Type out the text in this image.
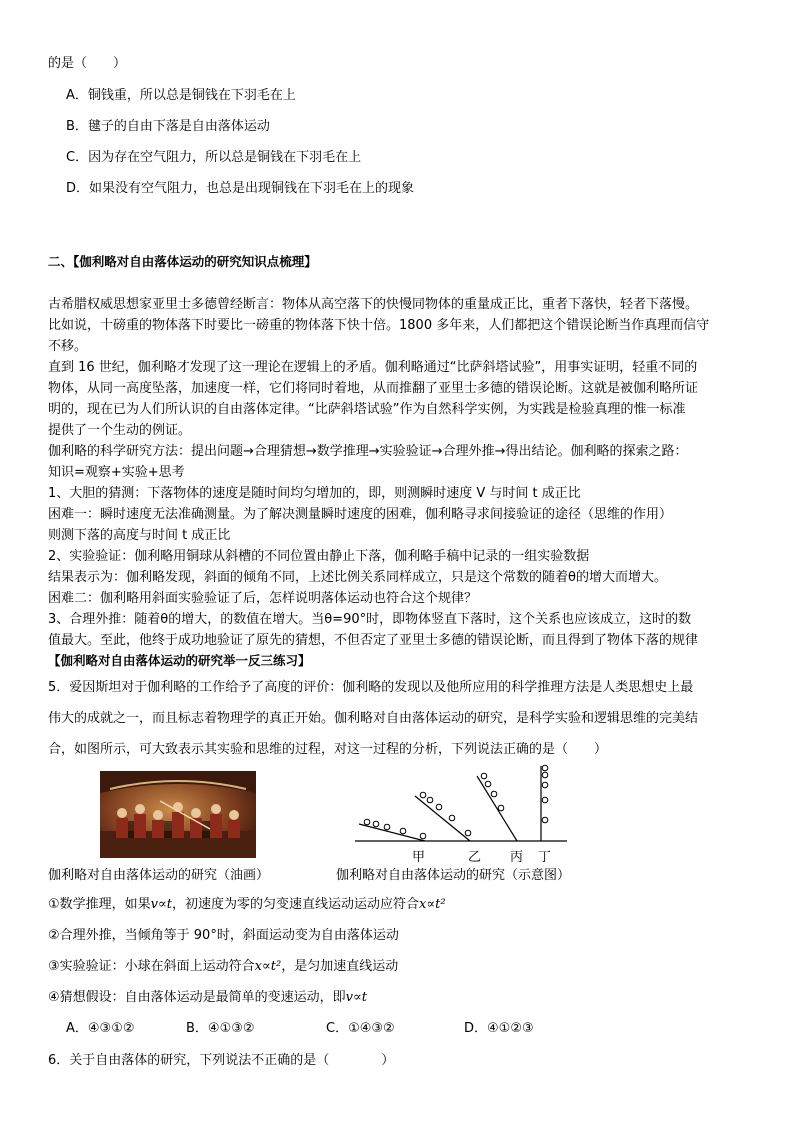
的是（　　）
A．铜钱重，所以总是铜钱在下羽毛在上
B．毽子的自由下落是自由落体运动
C．因为存在空气阻力，所以总是铜钱在下羽毛在上
D．如果没有空气阻力，也总是出现铜钱在下羽毛在上的现象
二、【伽利略对自由落体运动的研究知识点梳理】
古希腊权威思想家亚里士多德曾经断言：物体从高空落下的快慢同物体的重量成正比，重者下落快，轻者下落慢。
比如说，十磅重的物体落下时要比一磅重的物体落下快十倍。1800 多年来，人们都把这个错误论断当作真理而信守
不移。
直到 16 世纪，伽利略才发现了这一理论在逻辑上的矛盾。伽利略通过“比萨斜塔试验”，用事实证明，轻重不同的
物体，从同一高度坠落，加速度一样，它们将同时着地，从而推翻了亚里士多德的错误论断。这就是被伽利略所证
明的，现在已为人们所认识的自由落体定律。“比萨斜塔试验”作为自然科学实例，为实践是检验真理的惟一标准
提供了一个生动的例证。
伽利略的科学研究方法：提出问题→合理猜想→数学推理→实验验证→合理外推→得出结论。伽利略的探索之路：
知识=观察+实验+思考
1、大胆的猜测：下落物体的速度是随时间均匀增加的，即，则测瞬时速度 V 与时间 t 成正比
困难一：瞬时速度无法准确测量。为了解决测量瞬时速度的困难，伽利略寻求间接验证的途径（思维的作用）
则测下落的高度与时间 t 成正比
2、实验验证：伽利略用铜球从斜槽的不同位置由静止下落，伽利略手稿中记录的一组实验数据
结果表示为：伽利略发现，斜面的倾角不同，上述比例关系同样成立，只是这个常数的随着θ的增大而增大。
困难二：伽利略用斜面实验验证了后，怎样说明落体运动也符合这个规律？
3、合理外推：随着θ的增大，的数值在增大。当θ=90°时，即物体竖直下落时，这个关系也应该成立，这时的数
值最大。至此，他终于成功地验证了原先的猜想，不但否定了亚里士多德的错误论断，而且得到了物体下落的规律
【伽利略对自由落体运动的研究举一反三练习】
5．爱因斯坦对于伽利略的工作给予了高度的评价：伽利略的发现以及他所应用的科学推理方法是人类思想史上最
伟大的成就之一，而且标志着物理学的真正开始。伽利略对自由落体运动的研究，是科学实验和逻辑思维的完美结
合，如图所示，可大致表示其实验和思维的过程，对这一过程的分析，下列说法正确的是（　　）
甲	乙 丙 丁
伽利略对自由落体运动的研究（油画）	伽利略对自由落体运动的研究（示意图）
①数学推理，如果v∝t，初速度为零的匀变速直线运动运动应符合x∝t²
②合理外推，当倾角等于 90°时，斜面运动变为自由落体运动
③实验验证：小球在斜面上运动符合x∝t²，是匀加速直线运动
④猜想假设：自由落体运动是最简单的变速运动，即v∝t
A．④③①②	B．④①③②	C．①④③②	D．④①②③
6．关于自由落体的研究，下列说法不正确的是（　　　　）
